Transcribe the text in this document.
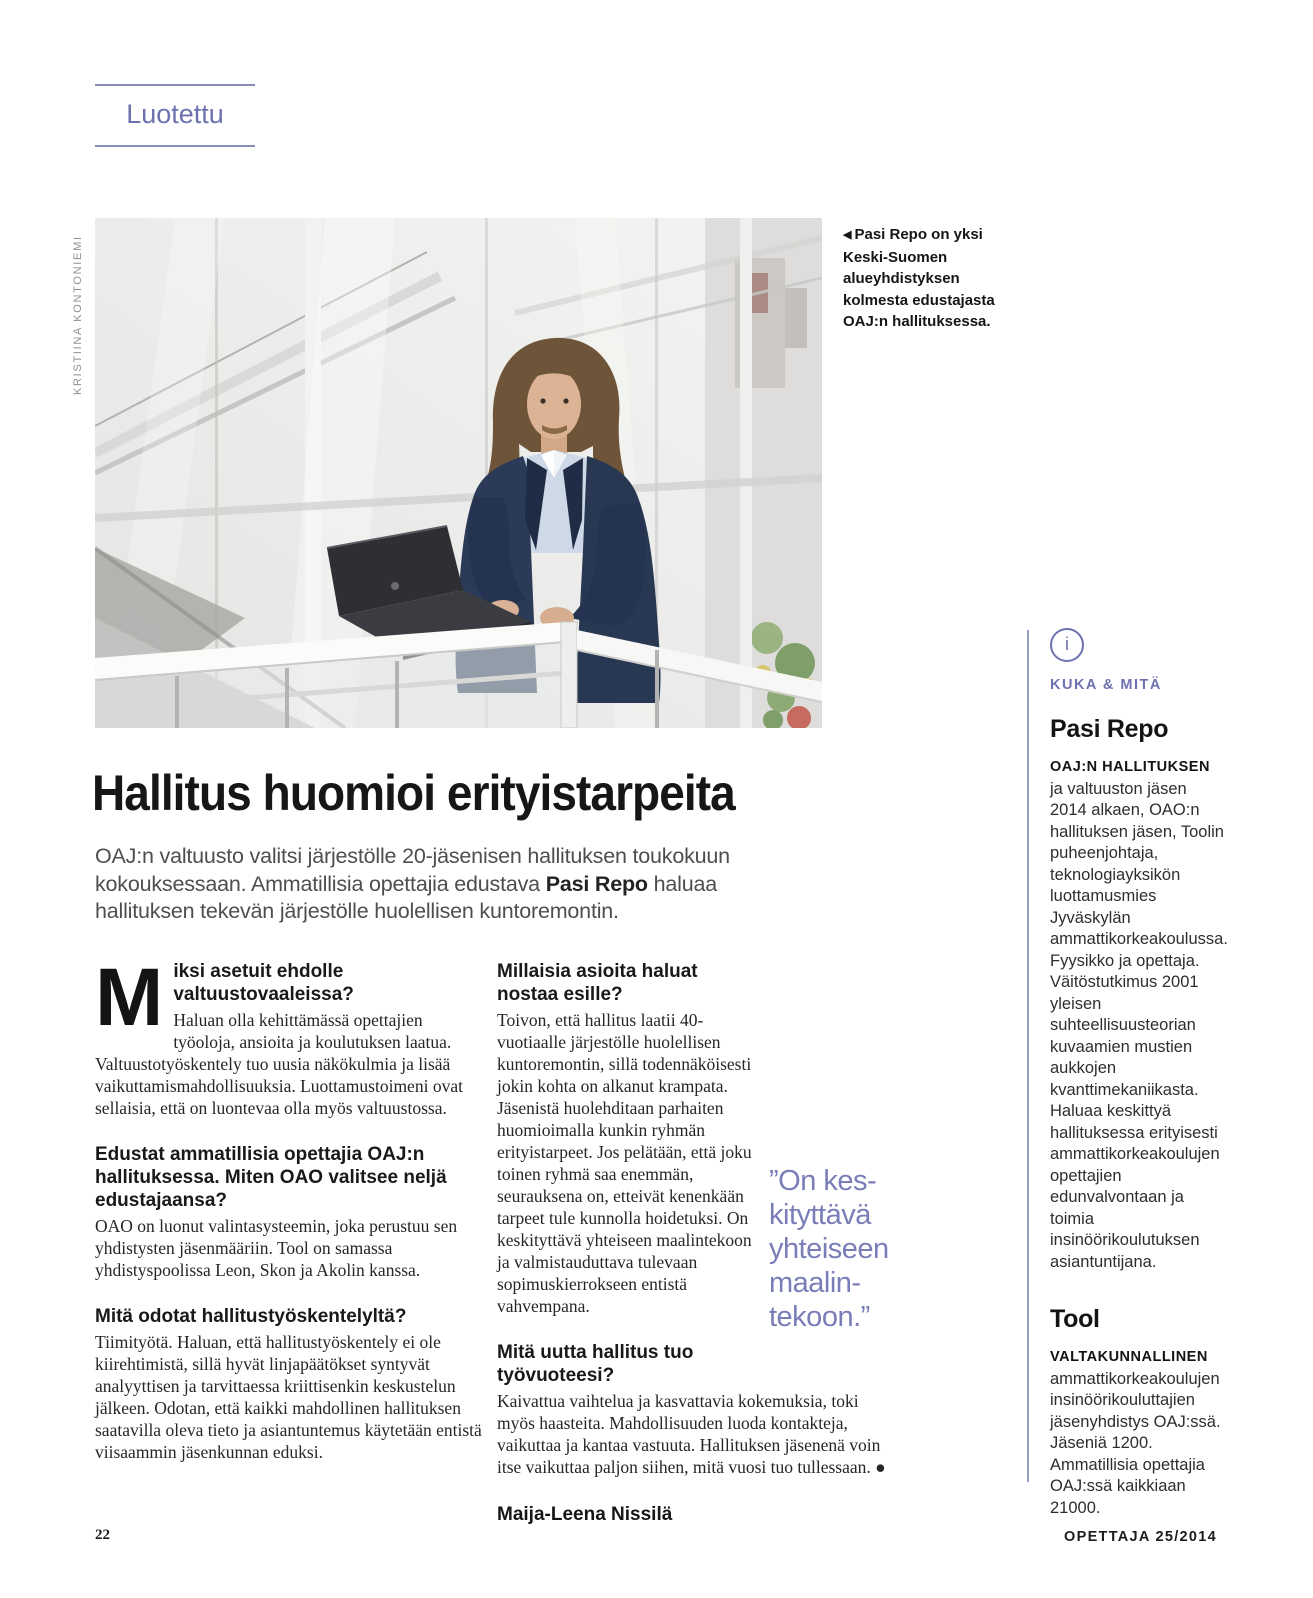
Luotettu
KRISTIINA KONTONIEMI
◀ Pasi Repo on yksi Keski-Suomen alueyhdistyksen kolmesta edustajasta OAJ:n hallituksessa.
Hallitus huomioi erityistarpeita
OAJ:n valtuusto valitsi järjestölle 20-jäsenisen hallituksen toukokuun kokouksessaan. Ammatillisia opettajia edustava Pasi Repo haluaa hallituksen tekevän järjestölle huolellisen kuntoremontin.
M iksi asetuit ehdolle valtuustovaaleissa?
Haluan olla kehittämässä opettajien työoloja, ansioita ja koulutuksen laatua. Valtuustotyöskentely tuo uusia näkökulmia ja lisää vaikuttamismahdollisuuksia. Luottamustoimeni ovat sellaisia, että on luontevaa olla myös valtuustossa.
Edustat ammatillisia opettajia OAJ:n hallituksessa. Miten OAO valitsee neljä edustajaansa?
OAO on luonut valintasysteemin, joka perustuu sen yhdistysten jäsenmääriin. Tool on samassa yhdistyspoolissa Leon, Skon ja Akolin kanssa.
Mitä odotat hallitustyöskentelyltä?
Tiimityötä. Haluan, että hallitustyöskentely ei ole kiirehtimistä, sillä hyvät linjapäätökset syntyvät analyyttisen ja tarvittaessa kriittisenkin keskustelun jälkeen. Odotan, että kaikki mahdollinen hallituksen saatavilla oleva tieto ja asiantuntemus käytetään entistä viisaammin jäsenkunnan eduksi.
”On kes-
kityttävä
yhteiseen
maalin-
tekoon.”
Millaisia asioita haluat nostaa esille?
Toivon, että hallitus laatii 40-vuotiaalle järjestölle huolellisen kuntoremontin, sillä todennäköisesti jokin kohta on alkanut krampata. Jäsenistä huolehditaan parhaiten huomioimalla kunkin ryhmän erityistarpeet. Jos pelätään, että joku toinen ryhmä saa enemmän, seurauksena on, etteivät kenenkään tarpeet tule kunnolla hoidetuksi. On keskityttävä yhteiseen maalintekoon ja valmistauduttava tulevaan sopimuskierrokseen entistä vahvempana.
Mitä uutta hallitus tuo työvuoteesi?
Kaivattua vaihtelua ja kasvattavia kokemuksia, toki myös haasteita. Mahdollisuuden luoda kontakteja, vaikuttaa ja kantaa vastuuta. Hallituksen jäsenenä voin itse vaikuttaa paljon siihen, mitä vuosi tuo tullessaan. ●
Maija-Leena Nissilä
i
KUKA & MITÄ
Pasi Repo
OAJ:N HALLITUKSEN ja valtuuston jäsen 2014 alkaen, OAO:n hallituksen jäsen, Toolin puheenjohtaja, teknologiayksikön luottamusmies Jyväskylän ammattikorkeakoulussa. Fyysikko ja opettaja. Väitöstutkimus 2001 yleisen suhteellisuusteorian kuvaamien mustien aukkojen kvanttimekaniikasta. Haluaa keskittyä hallituksessa erityisesti ammattikorkeakoulujen opettajien edunvalvontaan ja toimia insinöörikoulutuksen asiantuntijana.
Tool
VALTAKUNNALLINEN ammattikorkeakoulujen insinöörikouluttajien jäsenyhdistys OAJ:ssä. Jäseniä 1200. Ammatillisia opettajia OAJ:ssä kaikkiaan 21000.
22	OPETTAJA 25/2014
